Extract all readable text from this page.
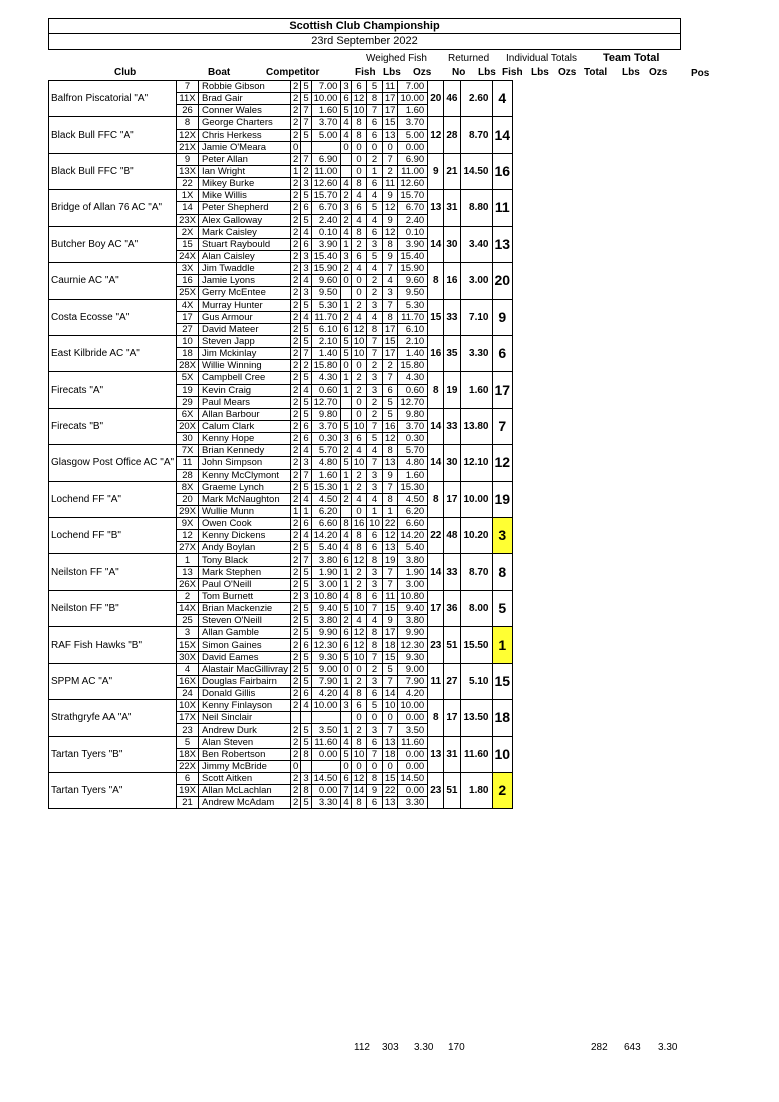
Scottish Club Championship
23rd September 2022
Weighed Fish Returned Individual Totals Team Total
Club	Boat	Competitor	Fish Lbs Ozs No Lbs Fish Lbs Ozs Total Lbs Ozs Pos
Balfron Piscatorial "A"	7	Robbie Gibson	2	5	7.00	3	6	5	11	7.00	20	46	2.60	4
	11X	Brad Gair	2	5	10.00	6	12	8	17	10.00				
	26	Conner Wales	2	7	1.60	5	10	7	17	1.60				
Black Bull FFC "A"	8	George Charters	2	7	3.70	4	8	6	15	3.70	12	28	8.70	14
	12X	Chris Herkess	2	5	5.00	4	8	6	13	5.00				
	21X	Jamie O'Meara	0			0	0	0	0	0.00				
Black Bull FFC "B"	9	Peter Allan	2	7	6.90		0	2	7	6.90	9	21	14.50	16
	13X	Ian Wright	1	2	11.00		0	1	2	11.00				
	22	Mikey Burke	2	3	12.60	4	8	6	11	12.60				
Bridge of Allan 76 AC "A"	1X	Mike Willis	2	5	15.70	2	4	4	9	15.70	13	31	8.80	11
	14	Peter Shepherd	2	6	6.70	3	6	5	12	6.70				
	23X	Alex Galloway	2	5	2.40	2	4	4	9	2.40				
Butcher Boy AC "A"	2X	Mark Caisley	2	4	0.10	4	8	6	12	0.10	14	30	3.40	13
	15	Stuart Raybould	2	6	3.90	1	2	3	8	3.90				
	24X	Alan Caisley	2	3	15.40	3	6	5	9	15.40				
Caurnie AC "A"	3X	Jim Twaddle	2	3	15.90	2	4	4	7	15.90	8	16	3.00	20
	16	Jamie Lyons	2	4	9.60	0	0	2	4	9.60				
	25X	Gerry McEntee	2	3	9.50		0	2	3	9.50				
Costa Ecosse "A"	4X	Murray Hunter	2	5	5.30	1	2	3	7	5.30	15	33	7.10	9
	17	Gus Armour	2	4	11.70	2	4	4	8	11.70				
	27	David Mateer	2	5	6.10	6	12	8	17	6.10				
East Kilbride AC "A"	10	Steven Japp	2	5	2.10	5	10	7	15	2.10	16	35	3.30	6
	18	Jim Mckinlay	2	7	1.40	5	10	7	17	1.40				
	28X	Willie Winning	2	2	15.80	0	0	2	2	15.80				
Firecats "A"	5X	Campbell Cree	2	5	4.30	1	2	3	7	4.30	8	19	1.60	17
	19	Kevin Craig	2	4	0.60	1	2	3	6	0.60				
	29	Paul Mears	2	5	12.70		0	2	5	12.70				
Firecats "B"	6X	Allan Barbour	2	5	9.80		0	2	5	9.80	14	33	13.80	7
	20X	Calum Clark	2	6	3.70	5	10	7	16	3.70				
	30	Kenny Hope	2	6	0.30	3	6	5	12	0.30				
Glasgow Post Office AC "A"	7X	Brian Kennedy	2	4	5.70	2	4	4	8	5.70	14	30	12.10	12
	11	John Simpson	2	3	4.80	5	10	7	13	4.80				
	28	Kenny McClymont	2	7	1.60	1	2	3	9	1.60				
Lochend FF "A"	8X	Graeme Lynch	2	5	15.30	1	2	3	7	15.30	8	17	10.00	19
	20	Mark McNaughton	2	4	4.50	2	4	4	8	4.50				
	29X	Wullie Munn	1	1	6.20		0	1	1	6.20				
Lochend FF "B"	9X	Owen Cook	2	6	6.60	8	16	10	22	6.60	22	48	10.20	3
	12	Kenny Dickens	2	4	14.20	4	8	6	12	14.20				
	27X	Andy Boylan	2	5	5.40	4	8	6	13	5.40				
Neilston FF "A"	1	Tony Black	2	7	3.80	6	12	8	19	3.80	14	33	8.70	8
	13	Mark Stephen	2	5	1.90	1	2	3	7	1.90				
	26X	Paul O'Neill	2	5	3.00	1	2	3	7	3.00				
Neilston FF "B"	2	Tom Burnett	2	3	10.80	4	8	6	11	10.80	17	36	8.00	5
	14X	Brian Mackenzie	2	5	9.40	5	10	7	15	9.40				
	25	Steven O'Neill	2	5	3.80	2	4	4	9	3.80				
RAF Fish Hawks "B"	3	Allan Gamble	2	5	9.90	6	12	8	17	9.90	23	51	15.50	1
	15X	Simon Gaines	2	6	12.30	6	12	8	18	12.30				
	30X	David Eames	2	5	9.30	5	10	7	15	9.30				
SPPM AC "A"	4	Alastair MacGillivray	2	5	9.00	0	0	2	5	9.00	11	27	5.10	15
	16X	Douglas Fairbairn	2	5	7.90	1	2	3	7	7.90				
	24	Donald Gillis	2	6	4.20	4	8	6	14	4.20				
Strathgryfe AA "A"	10X	Kenny Finlayson	2	4	10.00	3	6	5	10	10.00	8	17	13.50	18
	17X	Neil Sinclair					0	0	0	0.00				
	23	Andrew Durk	2	5	3.50	1	2	3	7	3.50				
Tartan Tyers "B"	5	Alan Steven	2	5	11.60	4	8	6	13	11.60	13	31	11.60	10
	18X	Ben Robertson	2	8	0.00	5	10	7	18	0.00				
	22X	Jimmy McBride	0			0	0	0	0	0.00				
Tartan Tyers "A"	6	Scott Aitken	2	3	14.50	6	12	8	15	14.50	23	51	1.80	2
	19X	Allan McLachlan	2	8	0.00	7	14	9	22	0.00				
	21	Andrew McAdam	2	5	3.30	4	8	6	13	3.30				
112 303 3.30 170	282 643 3.30
